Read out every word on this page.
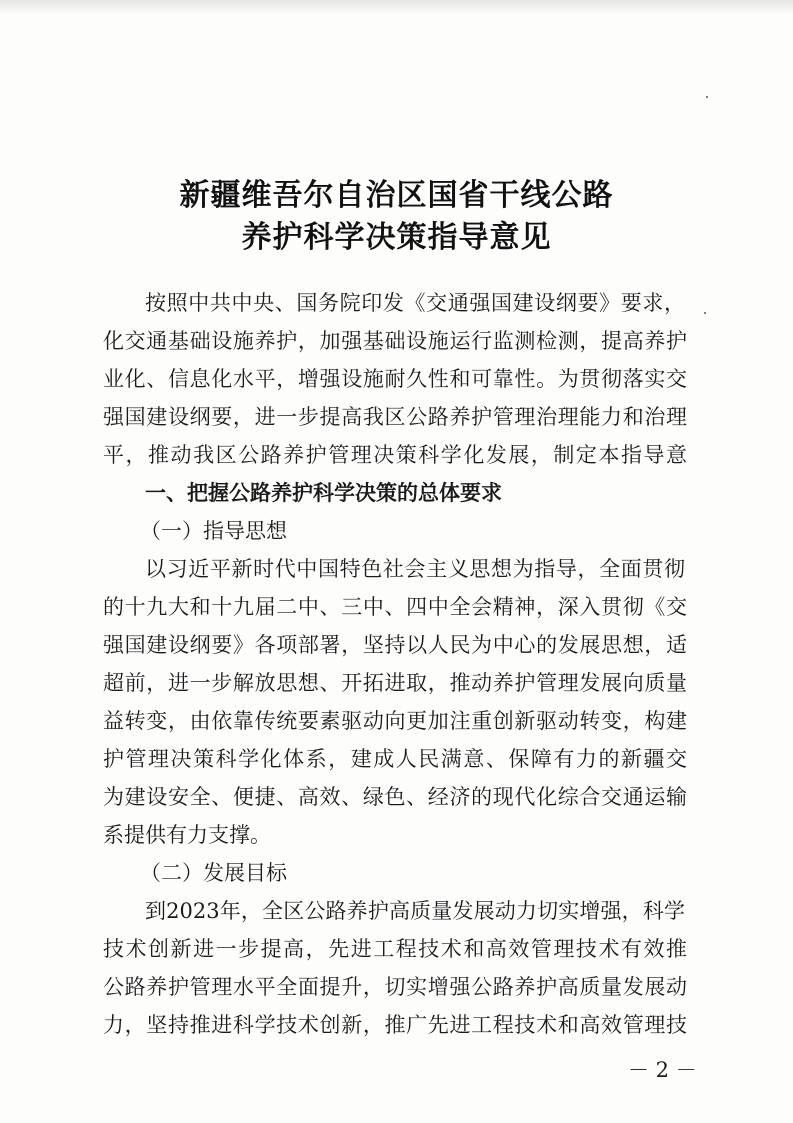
新疆维吾尔自治区国省干线公路
养护科学决策指导意见
按照中共中央、国务院印发《交通强国建设纲要》要求，
化交通基础设施养护，加强基础设施运行监测检测，提高养护
业化、信息化水平，增强设施耐久性和可靠性。为贯彻落实交
强国建设纲要，进一步提高我区公路养护管理治理能力和治理
平，推动我区公路养护管理决策科学化发展，制定本指导意
一、把握公路养护科学决策的总体要求
（一）指导思想
以习近平新时代中国特色社会主义思想为指导，全面贯彻
的十九大和十九届二中、三中、四中全会精神，深入贯彻《交
强国建设纲要》各项部署，坚持以人民为中心的发展思想，适
超前，进一步解放思想、开拓进取，推动养护管理发展向质量
益转变，由依靠传统要素驱动向更加注重创新驱动转变，构建
护管理决策科学化体系，建成人民满意、保障有力的新疆交
为建设安全、便捷、高效、绿色、经济的现代化综合交通运输
系提供有力支撑。
（二）发展目标
到2023年，全区公路养护高质量发展动力切实增强，科学
技术创新进一步提高，先进工程技术和高效管理技术有效推
公路养护管理水平全面提升，切实增强公路养护高质量发展动
力，坚持推进科学技术创新，推广先进工程技术和高效管理技
－ 2 －
